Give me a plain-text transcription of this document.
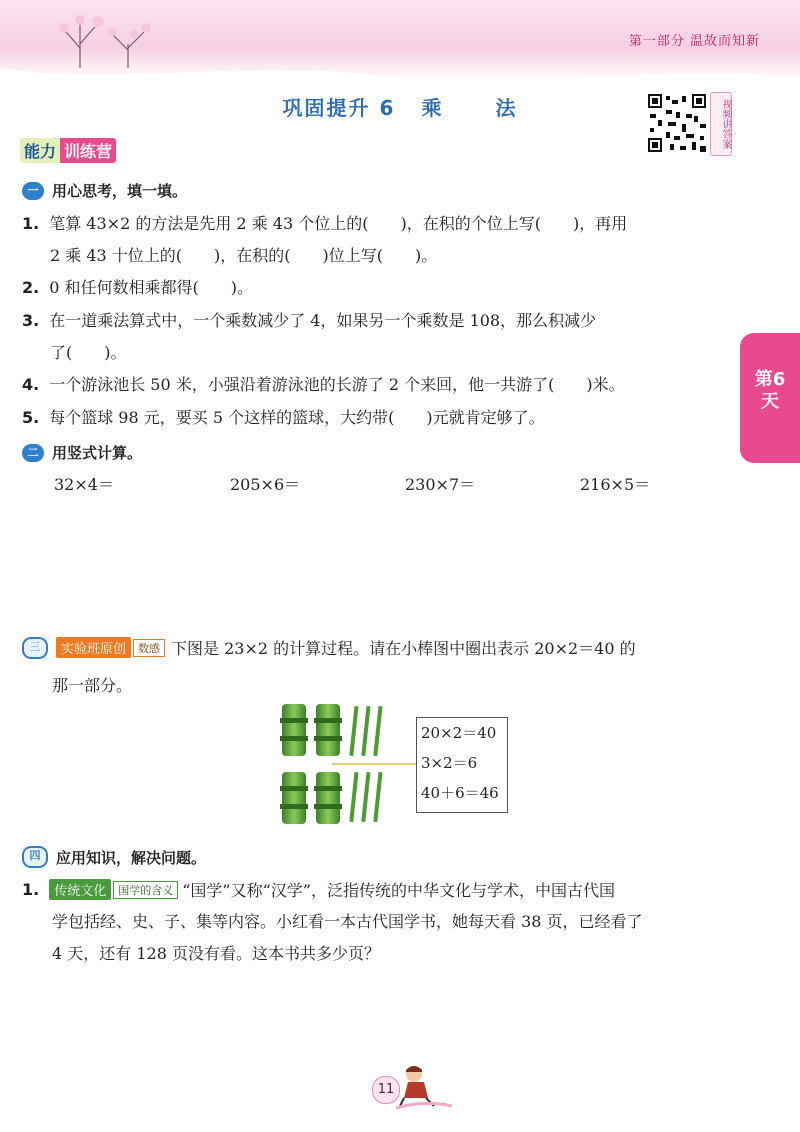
第一部分 温故而知新
巩固提升 6 乘	法	视频讲答案
能力 训练营
第6
天
一 用心思考，填一填。
1. 笔算 43×2 的方法是先用 2 乘 43 个位上的(　　)，在积的个位上写(　　)，再用
2 乘 43 十位上的(　　)，在积的(　　)位上写(　　)。
2. 0 和任何数相乘都得(　　)。
3. 在一道乘法算式中，一个乘数减少了 4，如果另一个乘数是 108，那么积减少
了(　　)。
4. 一个游泳池长 50 米，小强沿着游泳池的长游了 2 个来回，他一共游了(　　)米。
5. 每个篮球 98 元，要买 5 个这样的篮球，大约带(　　)元就肯定够了。
二 用竖式计算。
32×4＝	205×6＝	230×7＝	216×5＝
三	实验班原创	数感 下图是 23×2 的计算过程。请在小棒图中圈出表示 20×2＝40 的
那一部分。
20×2＝40
3×2＝6
40＋6＝46
四	应用知识，解决问题。
1.	传统文化	国学的含义 “国学”又称“汉学”，泛指传统的中华文化与学术，中国古代国
学包括经、史、子、集等内容。小红看一本古代国学书，她每天看 38 页，已经看了
4 天，还有 128 页没有看。这本书共多少页？
11
